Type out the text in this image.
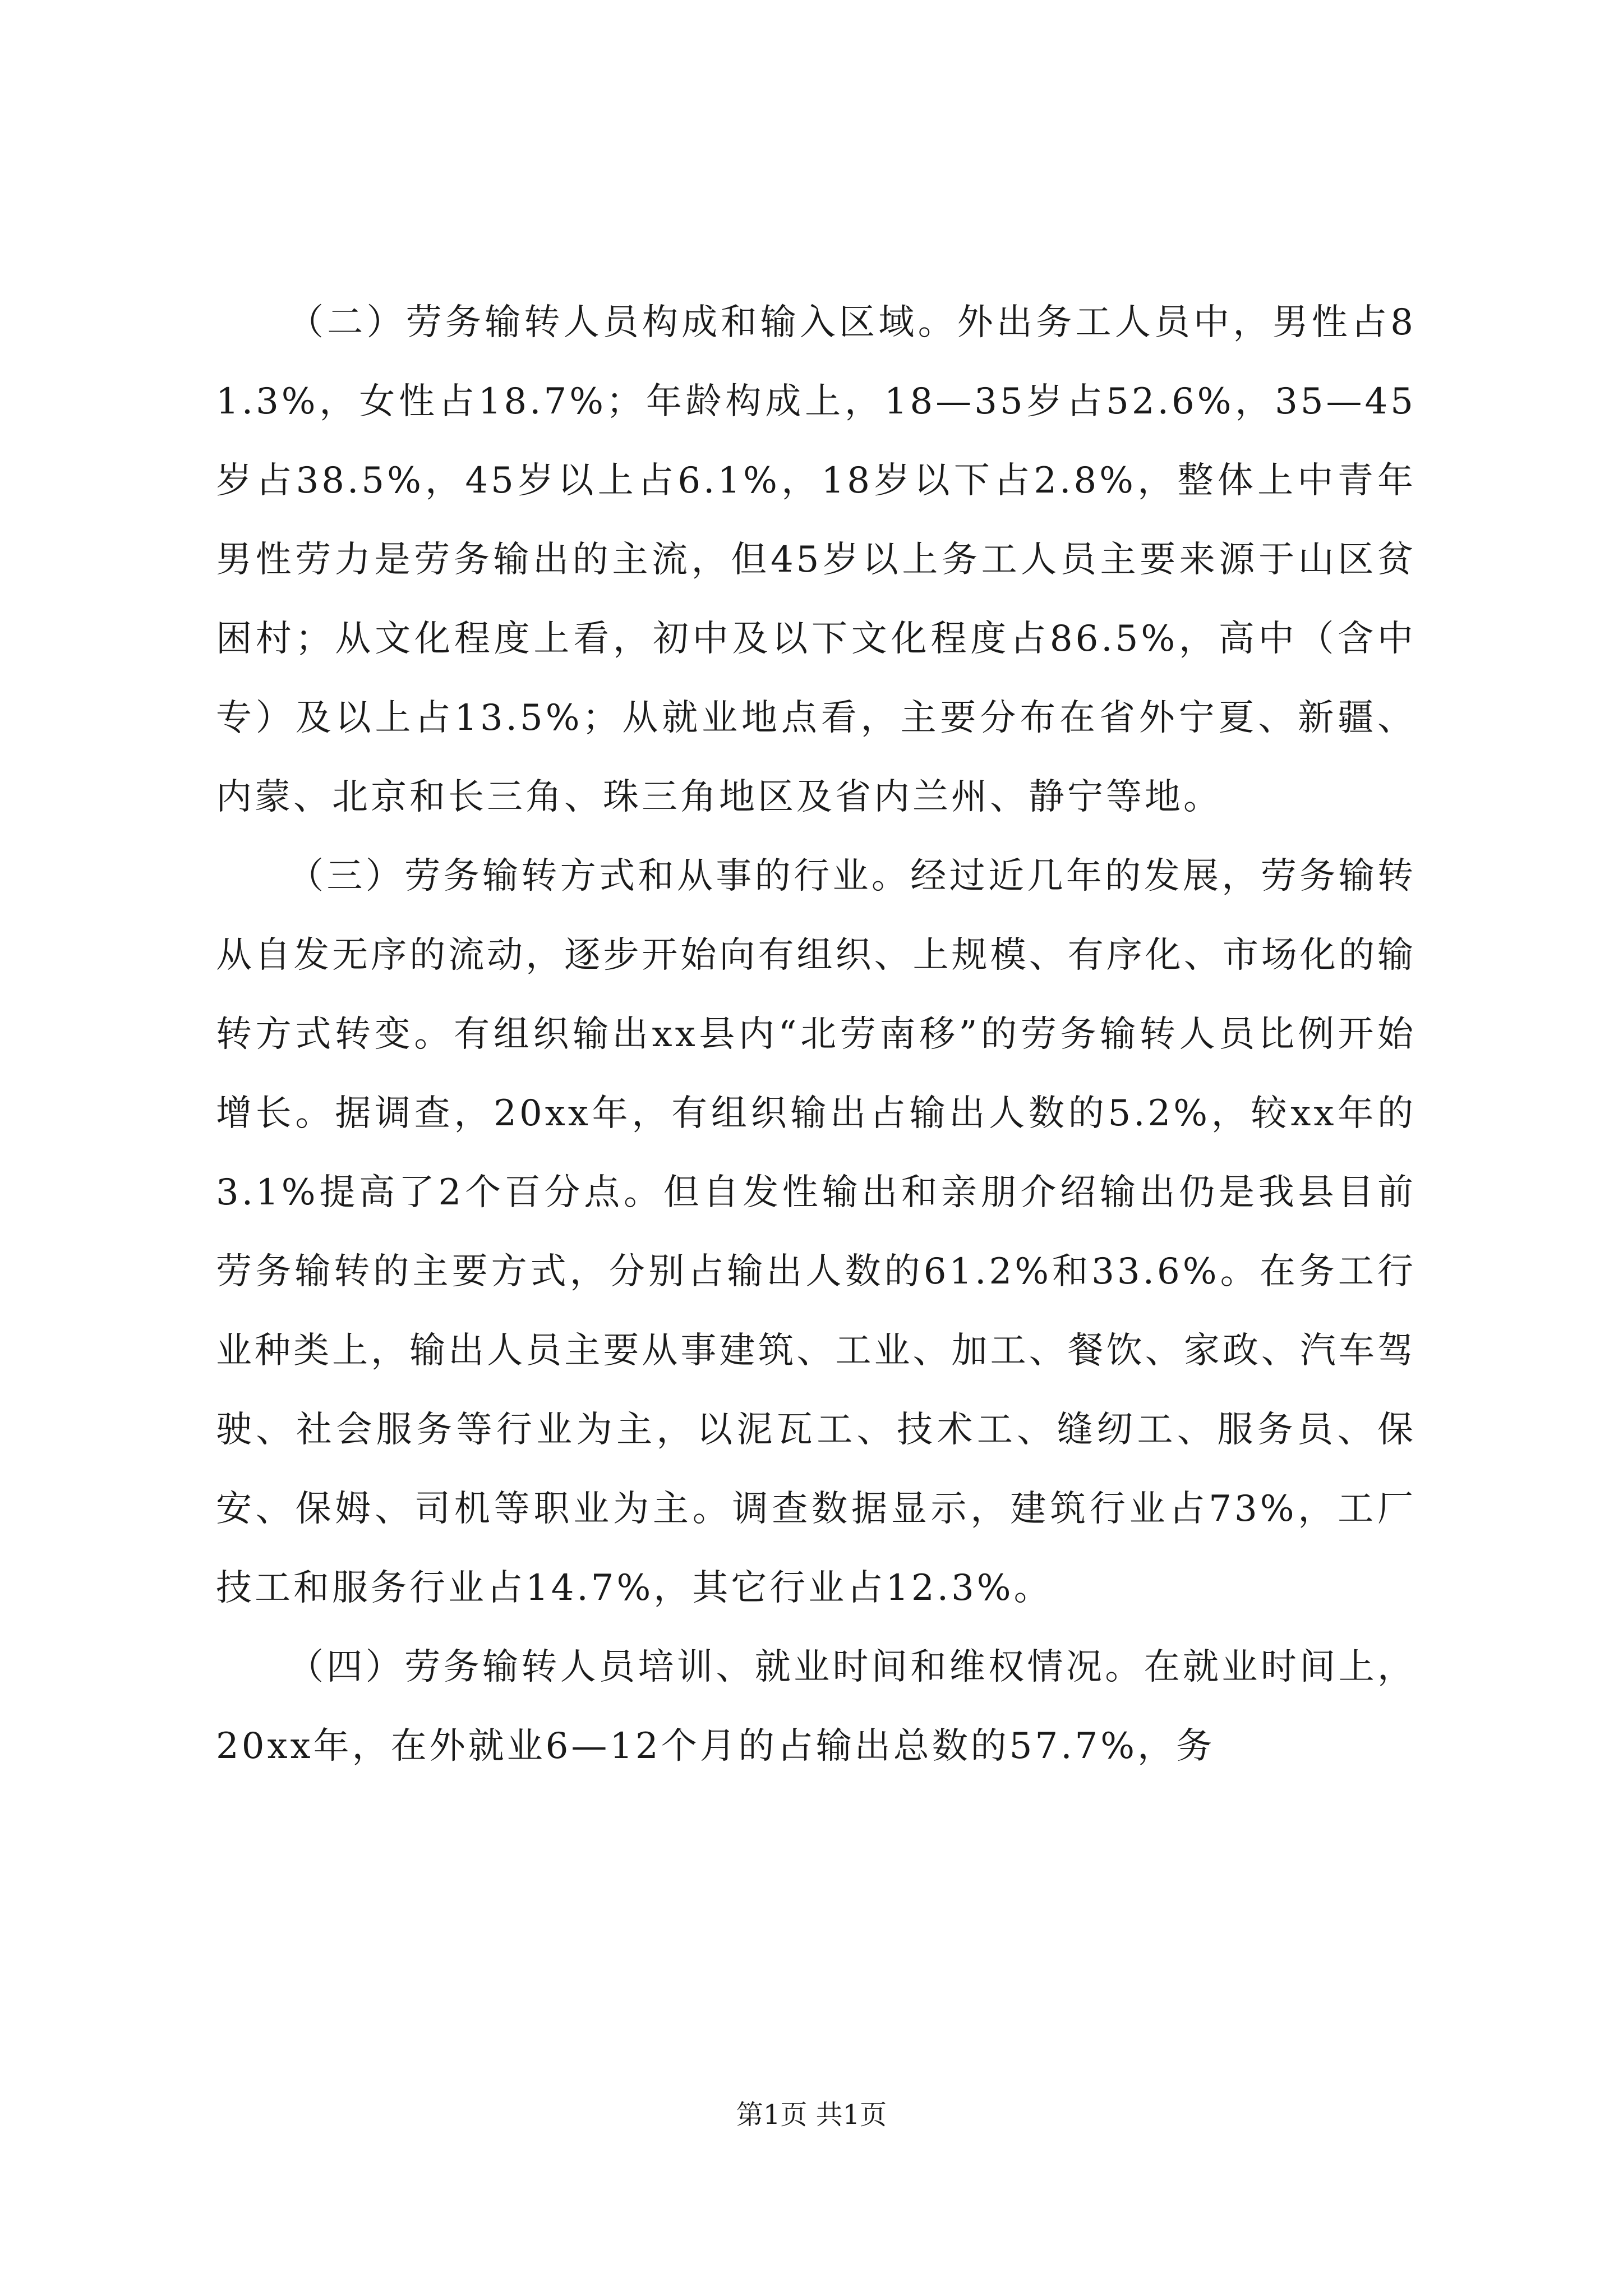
（二）劳务输转人员构成和输入区域。外出务工人员中，男性占81.3%，女性占18.7%；年龄构成上，18—35岁占52.6%，35—45岁占38.5%，45岁以上占6.1%，18岁以下占2.8%，整体上中青年男性劳力是劳务输出的主流，但45岁以上务工人员主要来源于山区贫困村；从文化程度上看，初中及以下文化程度占86.5%，高中（含中专）及以上占13.5%；从就业地点看，主要分布在省外宁夏、新疆、内蒙、北京和长三角、珠三角地区及省内兰州、静宁等地。

（三）劳务输转方式和从事的行业。经过近几年的发展，劳务输转从自发无序的流动，逐步开始向有组织、上规模、有序化、市场化的输转方式转变。有组织输出xx县内“北劳南移”的劳务输转人员比例开始增长。据调查，20xx年，有组织输出占输出人数的5.2%，较xx年的3.1%提高了2个百分点。但自发性输出和亲朋介绍输出仍是我县目前劳务输转的主要方式，分别占输出人数的61.2%和33.6%。在务工行业种类上，输出人员主要从事建筑、工业、加工、餐饮、家政、汽车驾驶、社会服务等行业为主，以泥瓦工、技术工、缝纫工、服务员、保安、保姆、司机等职业为主。调查数据显示，建筑行业占73%，工厂技工和服务行业占14.7%，其它行业占12.3%。

（四）劳务输转人员培训、就业时间和维权情况。在就业时间上，20xx年，在外就业6—12个月的占输出总数的57.7%，务

第1页 共1页
